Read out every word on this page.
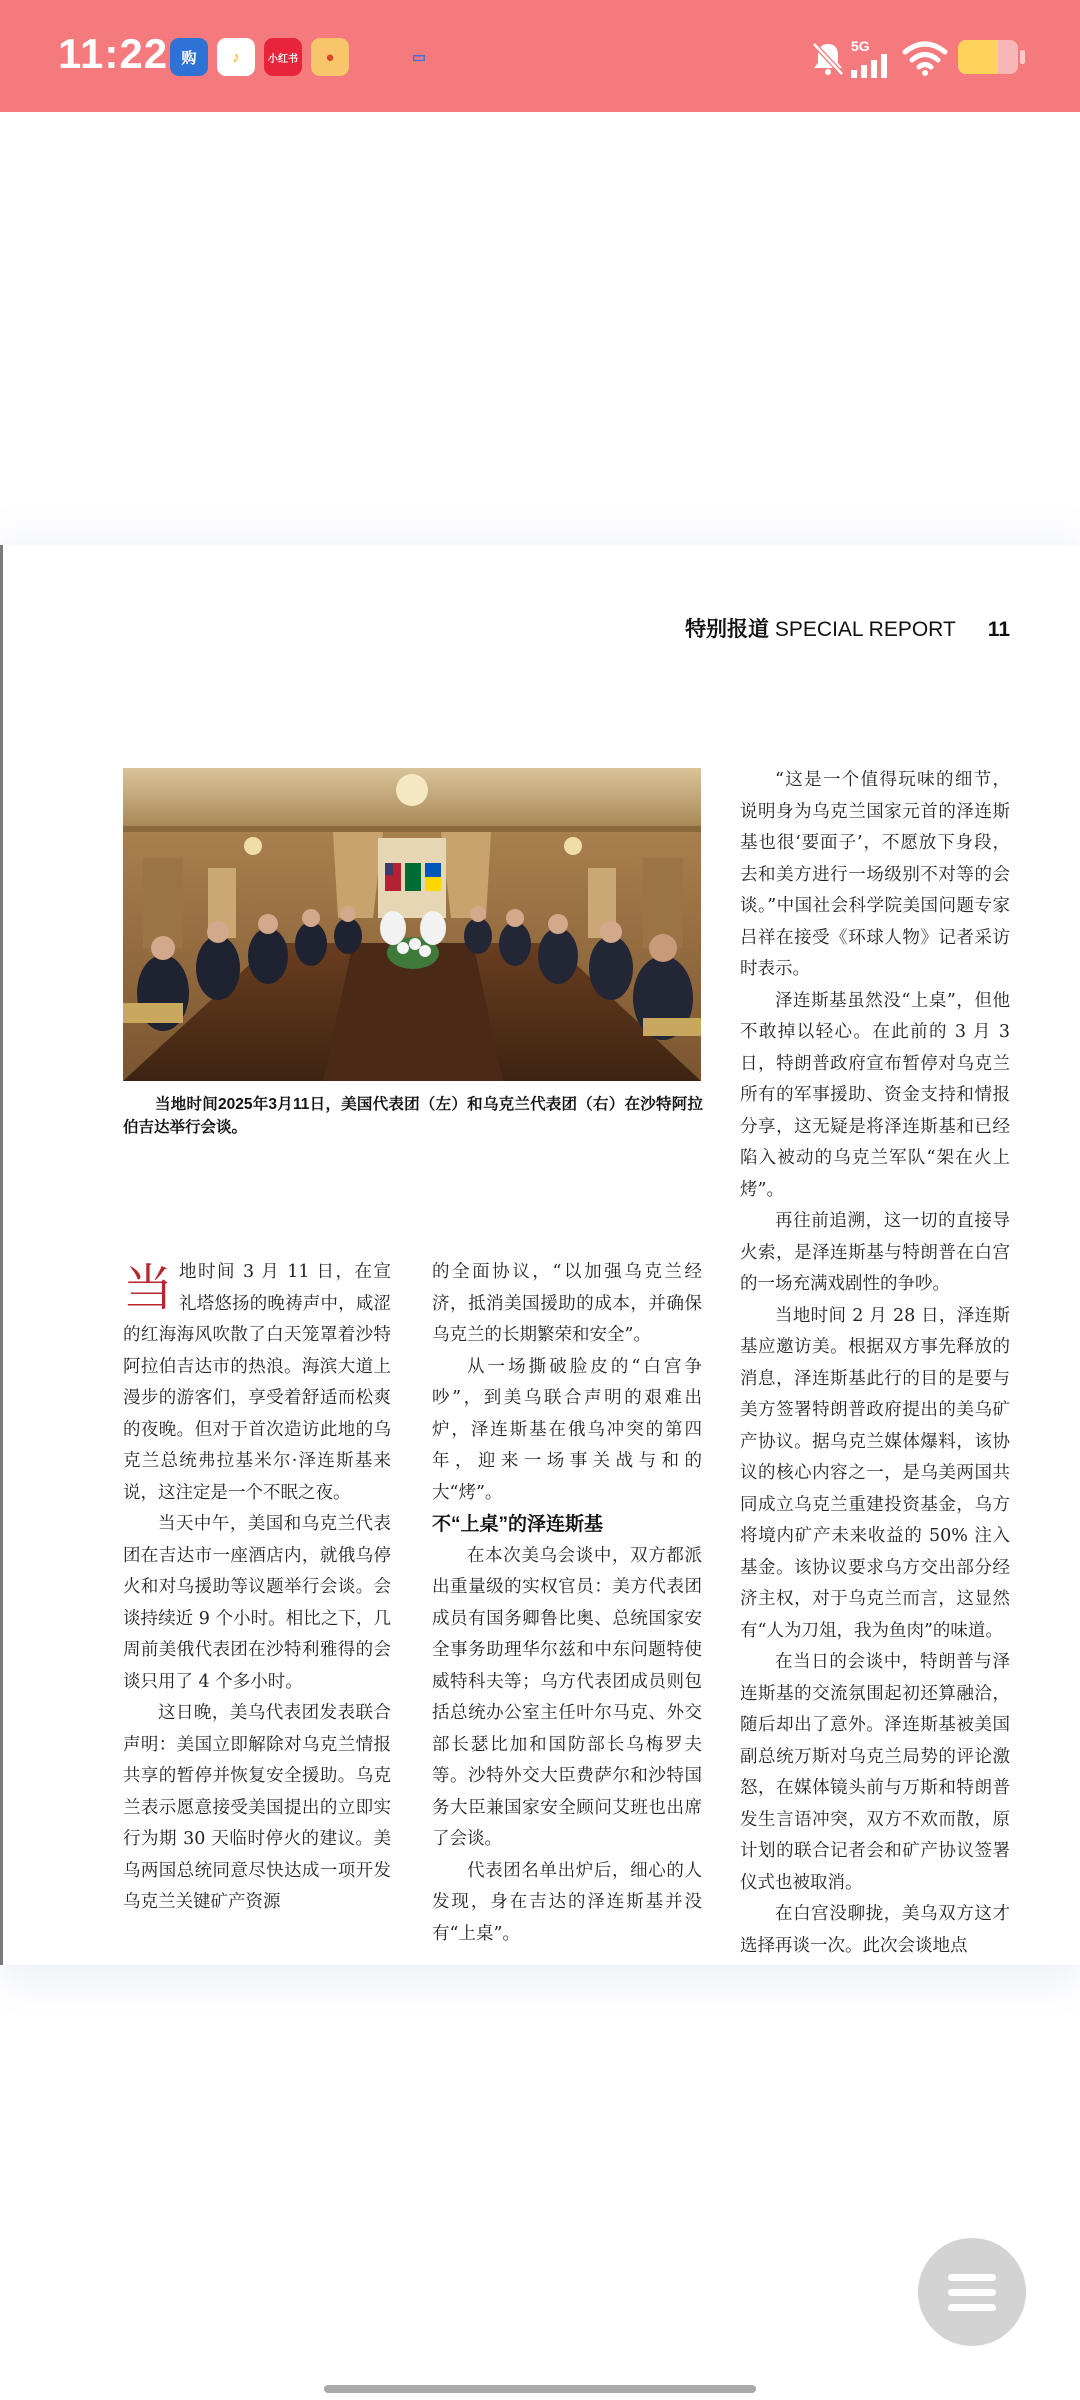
11:22 购 ♪	小红书 ●	▭
5G
特别报道 SPECIAL REPORT 11
当地时间2025年3月11日，美国代表团（左）和乌克兰代表团（右）在沙特阿拉伯吉达举行会谈。

当地时间 3 月 11 日，在宣礼塔悠扬的晚祷声中，咸涩的红海海风吹散了白天笼罩着沙特阿拉伯吉达市的热浪。海滨大道上漫步的游客们，享受着舒适而松爽的夜晚。但对于首次造访此地的乌克兰总统弗拉基米尔·泽连斯基来说，这注定是一个不眠之夜。

当天中午，美国和乌克兰代表团在吉达市一座酒店内，就俄乌停火和对乌援助等议题举行会谈。会谈持续近 9 个小时。相比之下，几周前美俄代表团在沙特利雅得的会谈只用了 4 个多小时。

这日晚，美乌代表团发表联合声明：美国立即解除对乌克兰情报共享的暂停并恢复安全援助。乌克兰表示愿意接受美国提出的立即实行为期 30 天临时停火的建议。美乌两国总统同意尽快达成一项开发乌克兰关键矿产资源

的全面协议，“以加强乌克兰经济，抵消美国援助的成本，并确保乌克兰的长期繁荣和安全”。

从一场撕破脸皮的“白宫争吵”，到美乌联合声明的艰难出炉，泽连斯基在俄乌冲突的第四年，迎来一场事关战与和的大“烤”。

不“上桌”的泽连斯基

在本次美乌会谈中，双方都派出重量级的实权官员：美方代表团成员有国务卿鲁比奥、总统国家安全事务助理华尔兹和中东问题特使威特科夫等；乌方代表团成员则包括总统办公室主任叶尔马克、外交部长瑟比加和国防部长乌梅罗夫等。沙特外交大臣费萨尔和沙特国务大臣兼国家安全顾问艾班也出席了会谈。

代表团名单出炉后，细心的人发现，身在吉达的泽连斯基并没有“上桌”。

“这是一个值得玩味的细节，说明身为乌克兰国家元首的泽连斯基也很‘要面子’，不愿放下身段，去和美方进行一场级别不对等的会谈。”中国社会科学院美国问题专家吕祥在接受《环球人物》记者采访时表示。

泽连斯基虽然没“上桌”，但他不敢掉以轻心。在此前的 3 月 3 日，特朗普政府宣布暂停对乌克兰所有的军事援助、资金支持和情报分享，这无疑是将泽连斯基和已经陷入被动的乌克兰军队“架在火上烤”。

再往前追溯，这一切的直接导火索，是泽连斯基与特朗普在白宫的一场充满戏剧性的争吵。

当地时间 2 月 28 日，泽连斯基应邀访美。根据双方事先释放的消息，泽连斯基此行的目的是要与美方签署特朗普政府提出的美乌矿产协议。据乌克兰媒体爆料，该协议的核心内容之一，是乌美两国共同成立乌克兰重建投资基金，乌方将境内矿产未来收益的 50% 注入基金。该协议要求乌方交出部分经济主权，对于乌克兰而言，这显然有“人为刀俎，我为鱼肉”的味道。

在当日的会谈中，特朗普与泽连斯基的交流氛围起初还算融洽，随后却出了意外。泽连斯基被美国副总统万斯对乌克兰局势的评论激怒，在媒体镜头前与万斯和特朗普发生言语冲突，双方不欢而散，原计划的联合记者会和矿产协议签署仪式也被取消。

在白宫没聊拢，美乌双方这才选择再谈一次。此次会谈地点
